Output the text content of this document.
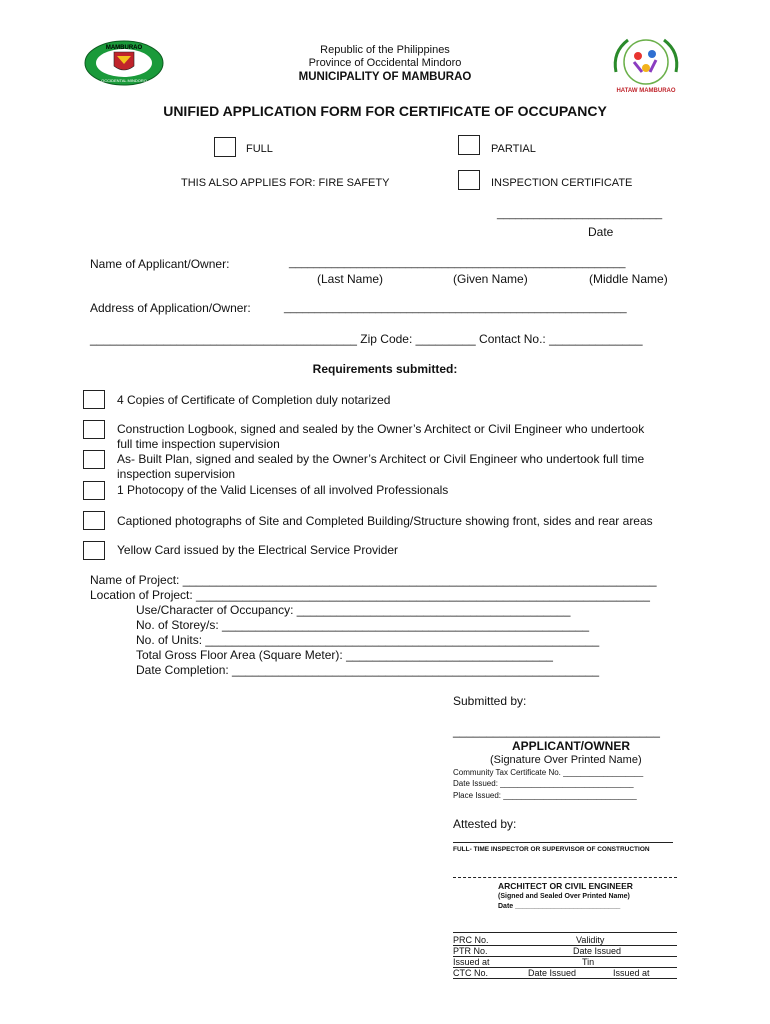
MAMBURAO
OCCIDENTAL MINDORO
HATAW MAMBURAO
Republic of the Philippines
Province of Occidental Mindoro
MUNICIPALITY OF MAMBURAO
UNIFIED APPLICATION FORM FOR CERTIFICATE OF OCCUPANCY
FULL	PARTIAL
THIS ALSO APPLIES FOR: FIRE SAFETY	INSPECTION CERTIFICATE
___________________________
Date
Name of Applicant/Owner:	_______________________________________________________
(Last Name)	(Given Name)	(Middle Name)
Address of Application/Owner:	________________________________________________________
________________________________________ Zip Code: _________ Contact No.: ______________
Requirements submitted:
4 Copies of Certificate of Completion duly notarized
Construction Logbook, signed and sealed by the Owner’s Architect or Civil Engineer who undertook
full time inspection supervision
As- Built Plan, signed and sealed by the Owner’s Architect or Civil Engineer who undertook full time
inspection supervision
1 Photocopy of the Valid Licenses of all involved Professionals
Captioned photographs of Site and Completed Building/Structure showing front, sides and rear areas
Yellow Card issued by the Electrical Service Provider
Name of Project: _______________________________________________________________________
Location of Project: ____________________________________________________________________
Use/Character of Occupancy: _________________________________________
No. of Storey/s: _______________________________________________________
No. of Units: ___________________________________________________________
Total Gross Floor Area (Square Meter): _______________________________
Date Completion: _______________________________________________________
Submitted by:
_______________________________
APPLICANT/OWNER
(Signature Over Printed Name)
Community Tax Certificate No. __________________
Date Issued: ______________________________
Place Issued: ______________________________
Attested by:
FULL- TIME INSPECTOR OR SUPERVISOR OF CONSTRUCTION
ARCHITECT OR CIVIL ENGINEER
(Signed and Sealed Over Printed Name)
Date ___________________________
PRC No.	Validity
PTR No.	Date Issued
Issued at	Tin
CTC No.	Date Issued	Issued at
